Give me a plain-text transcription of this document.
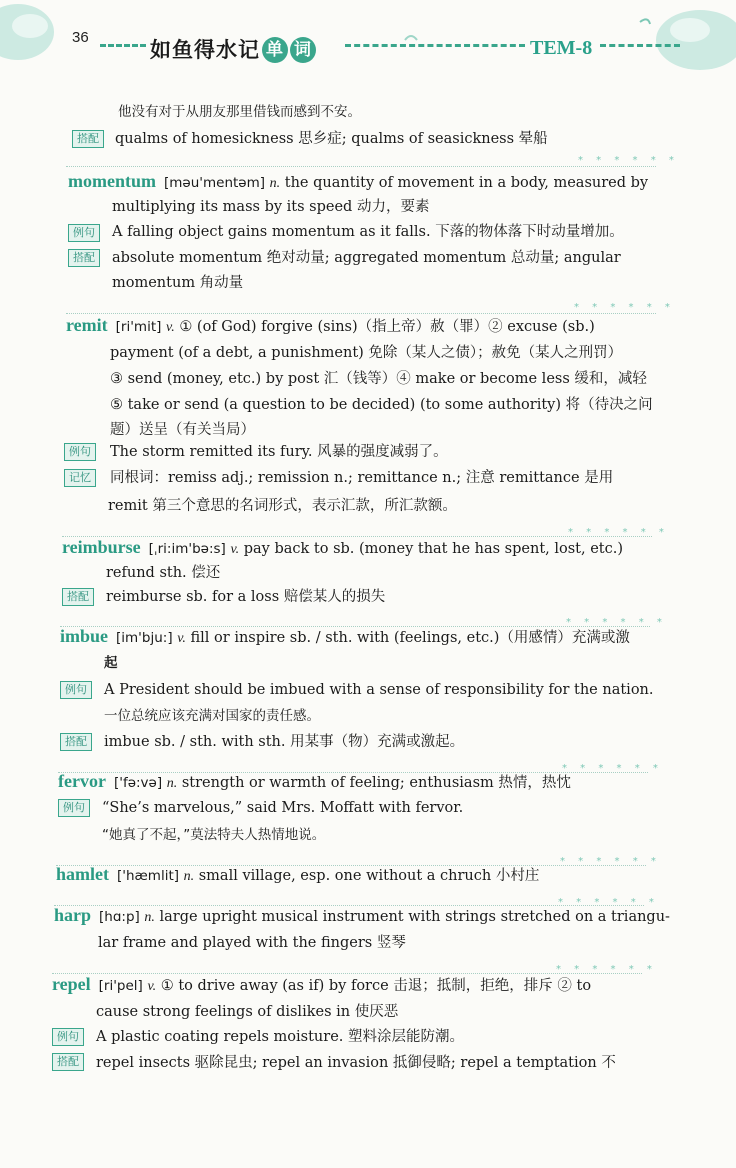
36
如鱼得水记 单 词	TEM-8
他没有对于从朋友那里借钱而感到不安。
搭配	qualms of homesickness 思乡症; qualms of seasickness 晕船
* * * * * *
momentum [məu'mentəm] n. the quantity of movement in a body, measured by
multiplying its mass by its speed 动力，要素
例句	A falling object gains momentum as it falls. 下落的物体落下时动量增加。
搭配	absolute momentum 绝对动量; aggregated momentum 总动量; angular
momentum 角动量
* * * * * *
remit [ri'mit] v. ① (of God) forgive (sins)（指上帝）赦（罪）② excuse (sb.)
payment (of a debt, a punishment) 免除（某人之债）；赦免（某人之刑罚）
③ send (money, etc.) by post 汇（钱等）④ make or become less 缓和，减轻
⑤ take or send (a question to be decided) (to some authority) 将（待决之问
题）送呈（有关当局）
例句	The storm remitted its fury. 风暴的强度减弱了。
记忆	同根词：remiss adj.; remission n.; remittance n.; 注意 remittance 是用
remit 第三个意思的名词形式，表示汇款，所汇款额。
* * * * * *
reimburse [ˌri:im'bə:s] v. pay back to sb. (money that he has spent, lost, etc.)
refund sth. 偿还
搭配	reimburse sb. for a loss 赔偿某人的损失
* * * * * *
imbue [im'bju:] v. fill or inspire sb. / sth. with (feelings, etc.)（用感情）充满或激
起
例句	A President should be imbued with a sense of responsibility for the nation.
一位总统应该充满对国家的责任感。
搭配	imbue sb. / sth. with sth. 用某事（物）充满或激起。
* * * * * *
fervor ['fə:və] n. strength or warmth of feeling; enthusiasm 热情，热忱
例句	“She’s marvelous,” said Mrs. Moffatt with fervor.
“她真了不起，”莫法特夫人热情地说。
* * * * * *
hamlet ['hæmlit] n. small village, esp. one without a chruch 小村庄
* * * * * *
harp [hɑ:p] n. large upright musical instrument with strings stretched on a triangu-
lar frame and played with the fingers 竖琴
* * * * * *
repel [ri'pel] v. ① to drive away (as if) by force 击退；抵制，拒绝，排斥 ② to
cause strong feelings of dislikes in 使厌恶
例句	A plastic coating repels moisture. 塑料涂层能防潮。
搭配	repel insects 驱除昆虫; repel an invasion 抵御侵略; repel a temptation 不
